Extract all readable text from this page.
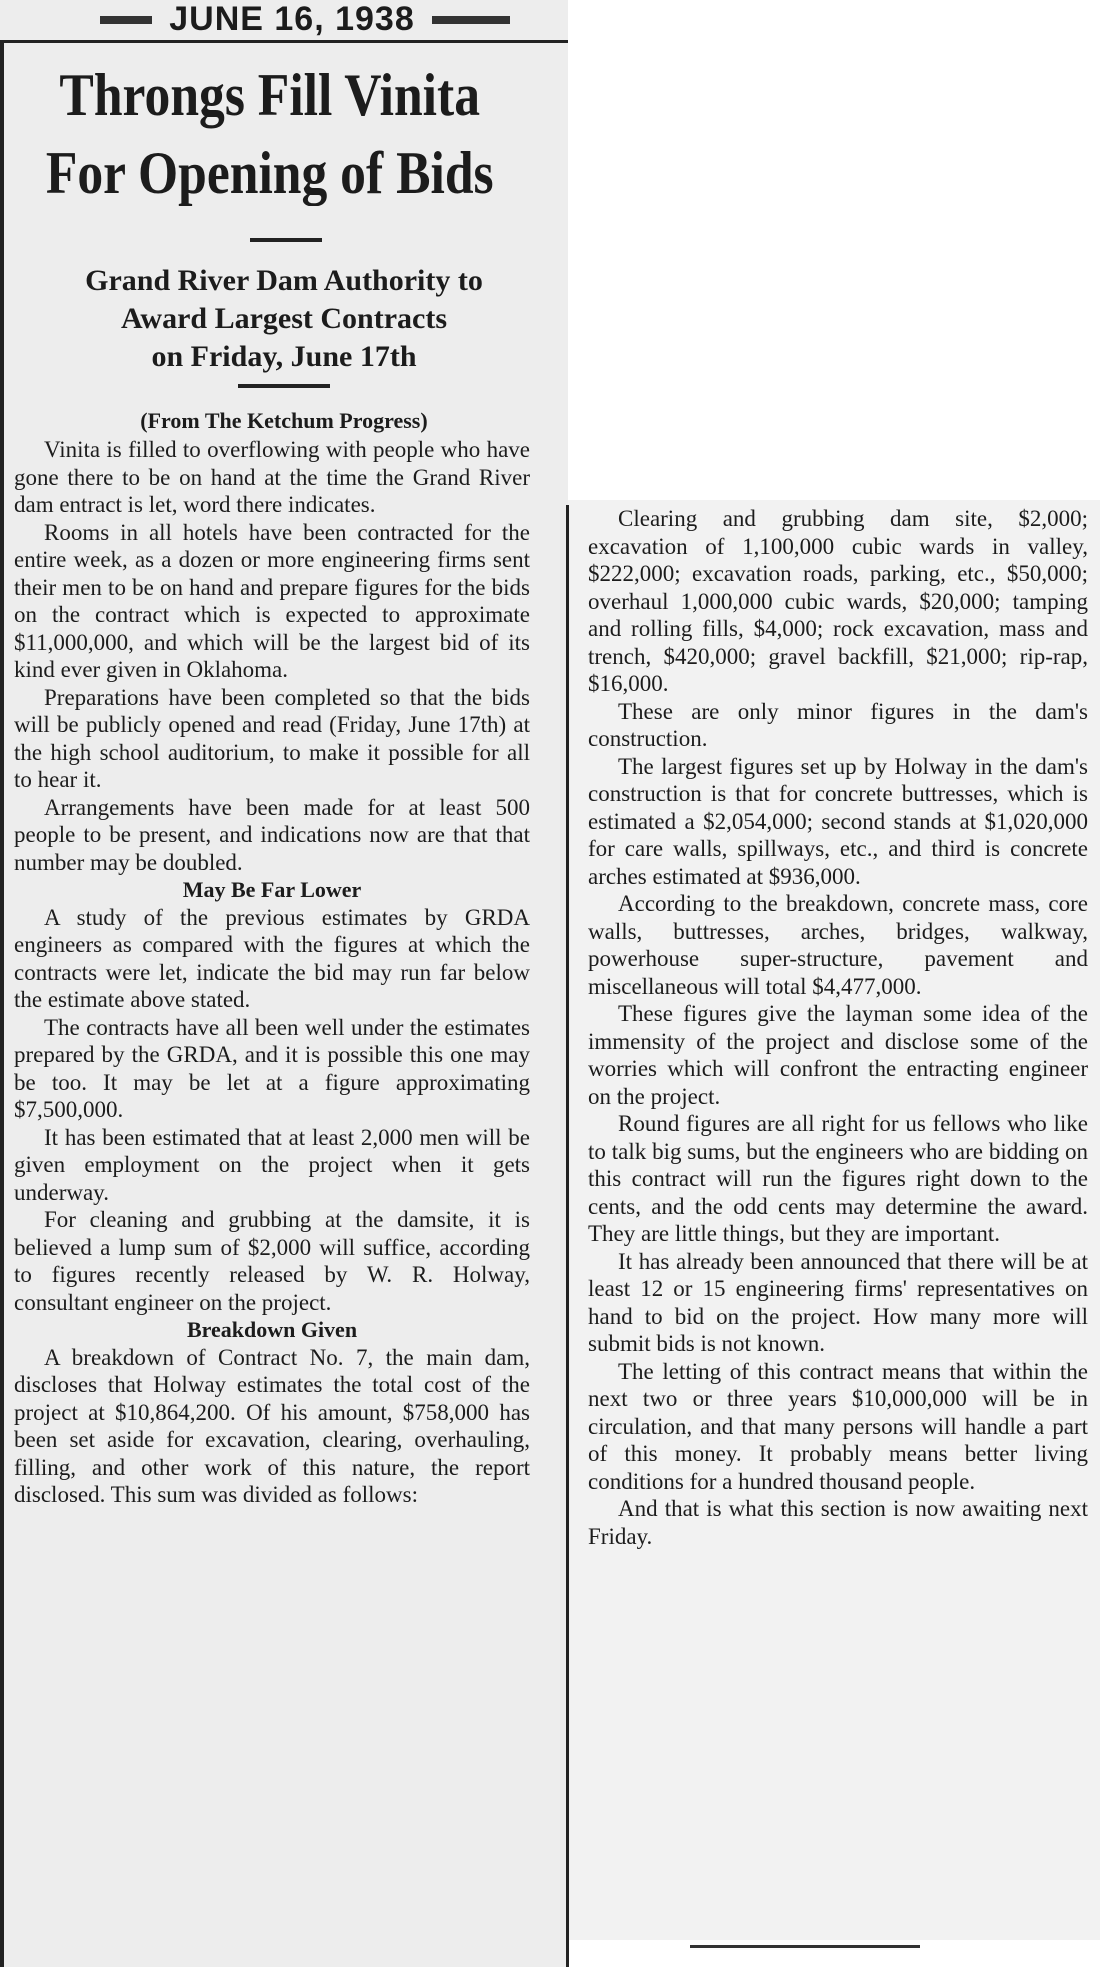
JUNE 16, 1938
Throngs Fill Vinita
For Opening of Bids
Grand River Dam Authority to
Award Largest Contracts
on Friday, June 17th
(From The Ketchum Progress)

Vinita is filled to overflowing with people who have gone there to be on hand at the time the Grand River dam entract is let, word there indicates.

Rooms in all hotels have been contracted for the entire week, as a dozen or more engineering firms sent their men to be on hand and prepare figures for the bids on the contract which is expected to approximate $11,000,000, and which will be the largest bid of its kind ever given in Oklahoma.

Preparations have been completed so that the bids will be publicly opened and read (Friday, June 17th) at the high school auditorium, to make it possible for all to hear it.

Arrangements have been made for at least 500 people to be present, and indications now are that that number may be doubled.

May Be Far Lower

A study of the previous estimates by GRDA engineers as compared with the figures at which the contracts were let, indicate the bid may run far below the estimate above stated.

The contracts have all been well under the estimates prepared by the GRDA, and it is possible this one may be too. It may be let at a figure approximating $7,500,000.

It has been estimated that at least 2,000 men will be given employment on the project when it gets underway.

For cleaning and grubbing at the damsite, it is believed a lump sum of $2,000 will suffice, according to figures recently released by W. R. Holway, consultant engineer on the project.

Breakdown Given

A breakdown of Contract No. 7, the main dam, discloses that Holway estimates the total cost of the project at $10,864,200. Of his amount, $758,000 has been set aside for excavation, clearing, overhauling, filling, and other work of this nature, the report disclosed. This sum was divided as follows:

Clearing and grubbing dam site, $2,000; excavation of 1,100,000 cubic wards in valley, $222,000; excavation roads, parking, etc., $50,000; overhaul 1,000,000 cubic wards, $20,000; tamping and rolling fills, $4,000; rock excavation, mass and trench, $420,000; gravel backfill, $21,000; rip-rap, $16,000.

These are only minor figures in the dam's construction.

The largest figures set up by Holway in the dam's construction is that for concrete buttresses, which is estimated a $2,054,000; second stands at $1,020,000 for care walls, spillways, etc., and third is concrete arches estimated at $936,000.

According to the breakdown, concrete mass, core walls, buttresses, arches, bridges, walkway, powerhouse super-structure, pavement and miscellaneous will total $4,477,000.

These figures give the layman some idea of the immensity of the project and disclose some of the worries which will confront the entracting engineer on the project.

Round figures are all right for us fellows who like to talk big sums, but the engineers who are bidding on this contract will run the figures right down to the cents, and the odd cents may determine the award. They are little things, but they are important.

It has already been announced that there will be at least 12 or 15 engineering firms' representatives on hand to bid on the project. How many more will submit bids is not known.

The letting of this contract means that within the next two or three years $10,000,000 will be in circulation, and that many persons will handle a part of this money. It probably means better living conditions for a hundred thousand people.

And that is what this section is now awaiting next Friday.
